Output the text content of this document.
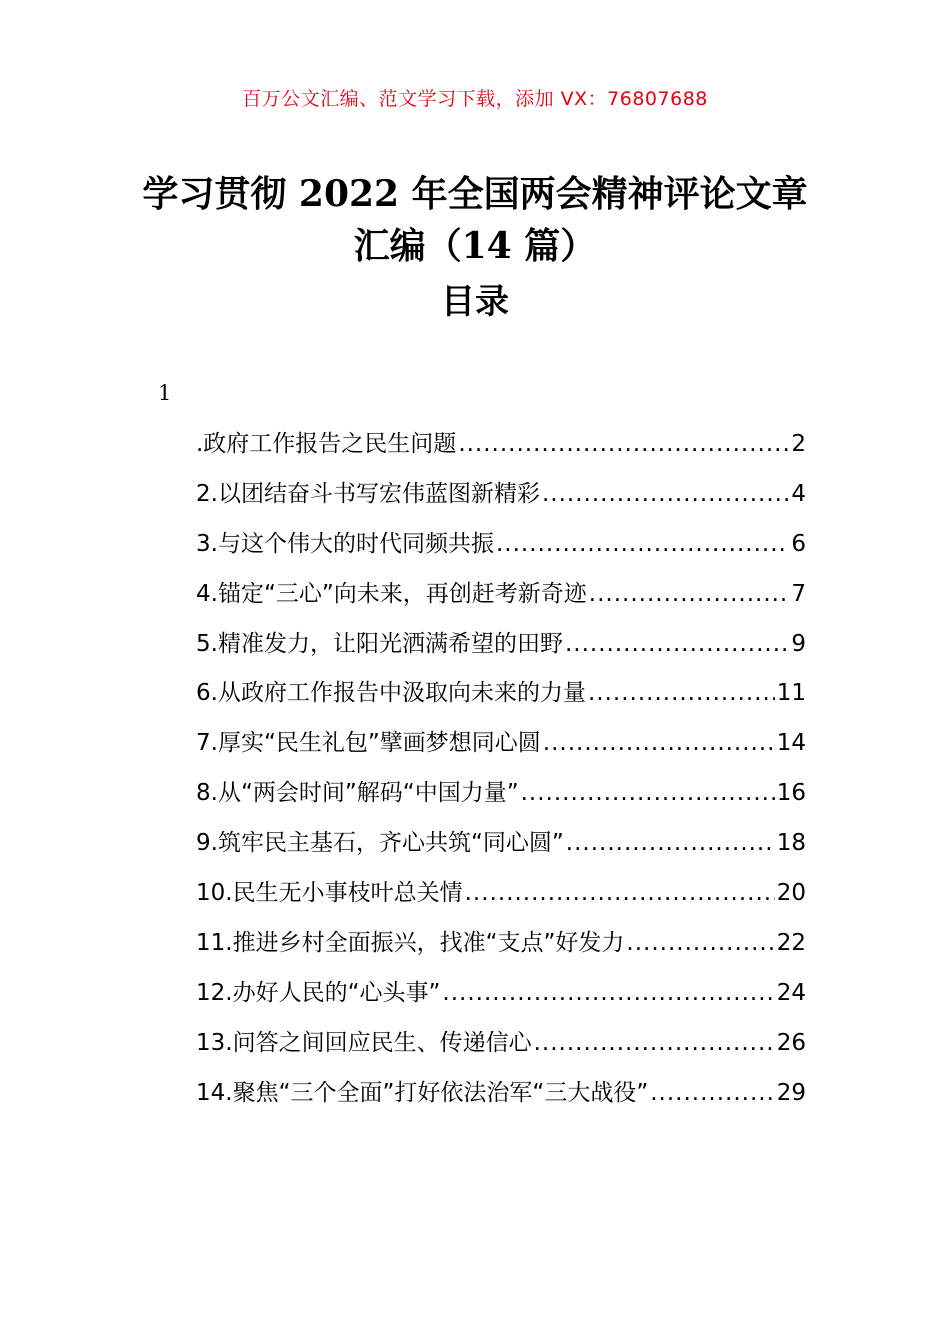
百万公文汇编、范文学习下载，添加 VX：76807688
学习贯彻 2022 年全国两会精神评论文章汇编（14 篇）
目录
1
.政府工作报告之民生问题 .....	2
2.以团结奋斗书写宏伟蓝图新精彩 .....	4
3.与这个伟大的时代同频共振 .....	6
4.锚定“三心”向未来，再创赶考新奇迹 .....	7
5.精准发力，让阳光洒满希望的田野 .....	9
6.从政府工作报告中汲取向未来的力量 .....	11
7.厚实“民生礼包”擘画梦想同心圆 .....	14
8.从“两会时间”解码“中国力量” .....	16
9.筑牢民主基石，齐心共筑“同心圆” .....	18
10.民生无小事枝叶总关情 .....	20
11.推进乡村全面振兴，找准“支点”好发力 .....	22
12.办好人民的“心头事” .....	24
13.问答之间回应民生、传递信心 .....	26
14.聚焦“三个全面”打好依法治军“三大战役” .....	29
